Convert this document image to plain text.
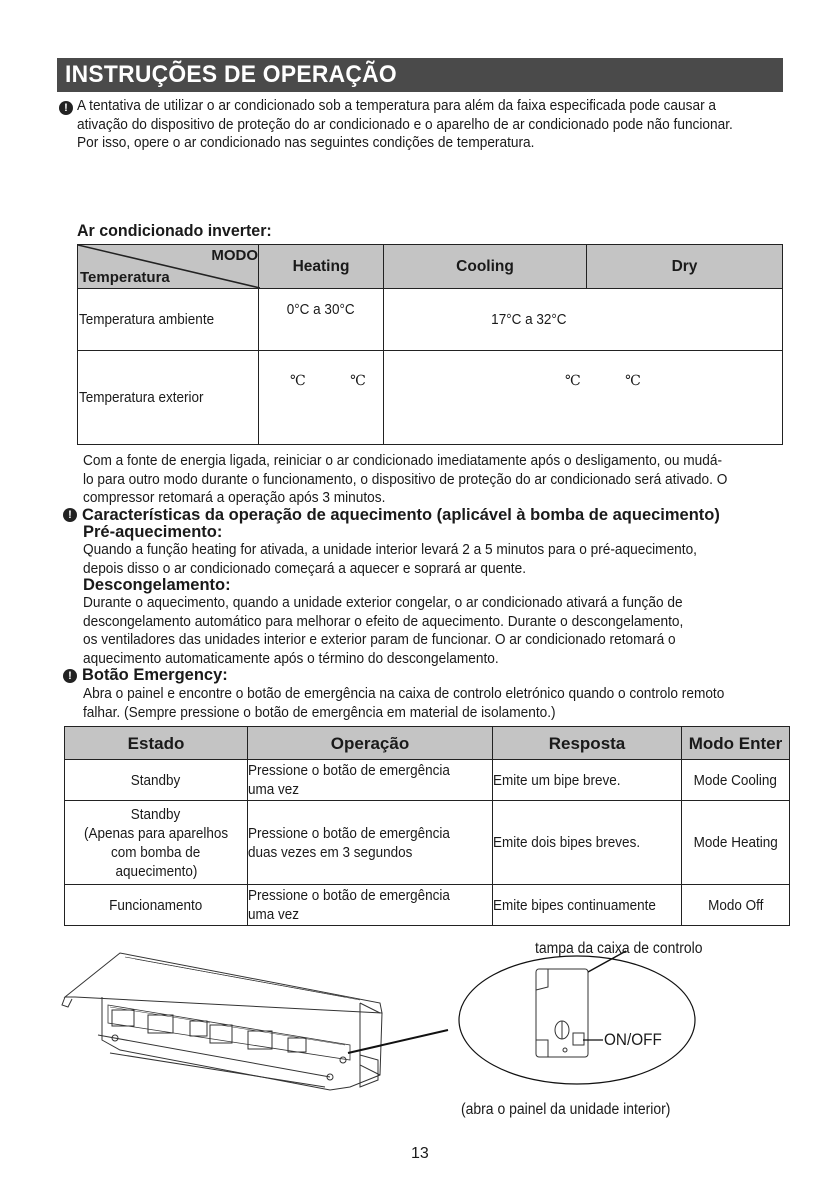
INSTRUÇÕES DE OPERAÇÃO
! A tentativa de utilizar o ar condicionado sob a temperatura para além da faixa especificada pode causar a
ativação do dispositivo de proteção do ar condicionado e o aparelho de ar condicionado pode não funcionar.
Por isso, opere o ar condicionado nas seguintes condições de temperatura.
Ar condicionado inverter:
MODO
Temperatura	Heating	Cooling	Dry
Temperatura ambiente	0°C a 30°C	17°C a 32°C	
Temperatura exterior	℃ ℃	℃ ℃	
Com a fonte de energia ligada, reiniciar o ar condicionado imediatamente após o desligamento, ou mudá-
lo para outro modo durante o funcionamento, o dispositivo de proteção do ar condicionado será ativado. O
compressor retomará a operação após 3 minutos.
! Características da operação de aquecimento (aplicável à bomba de aquecimento)
Pré-aquecimento:
Quando a função heating for ativada, a unidade interior levará 2 a 5 minutos para o pré-aquecimento,
depois disso o ar condicionado começará a aquecer e soprará ar quente.
Descongelamento:
Durante o aquecimento, quando a unidade exterior congelar, o ar condicionado ativará a função de
descongelamento automático para melhorar o efeito de aquecimento. Durante o descongelamento,
os ventiladores das unidades interior e exterior param de funcionar. O ar condicionado retomará o
aquecimento automaticamente após o término do descongelamento.
! Botão Emergency:
Abra o painel e encontre o botão de emergência na caixa de controlo eletrónico quando o controlo remoto
falhar. (Sempre pressione o botão de emergência em material de isolamento.)
Estado	Operação	Resposta	Modo Enter
Standby	Pressione o botão de emergência
uma vez	Emite um bipe breve.	Mode Cooling
Standby
(Apenas para aparelhos
com bomba de
aquecimento)	Pressione o botão de emergência
duas vezes em 3 segundos	Emite dois bipes breves.	Mode Heating
Funcionamento	Pressione o botão de emergência
uma vez	Emite bipes continuamente	Modo Off
tampa da caixa de controlo
ON/OFF
(abra o painel da unidade interior)
13
